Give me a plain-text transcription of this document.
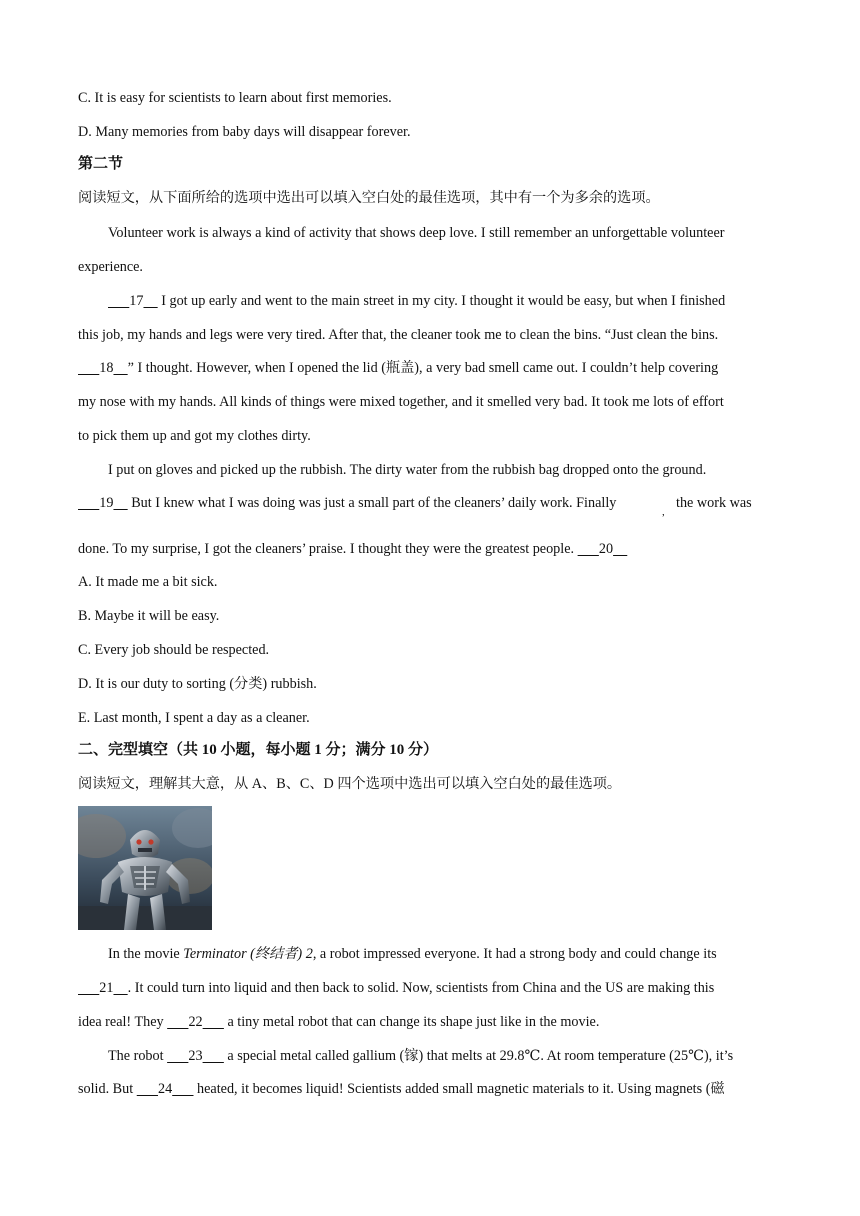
C. It is easy for scientists to learn about first memories.
D. Many memories from baby days will disappear forever.
第二节
阅读短文，从下面所给的选项中选出可以填入空白处的最佳选项，其中有一个为多余的选项。
Volunteer work is always a kind of activity that shows deep love. I still remember an unforgettable volunteer
experience.
   17   I got up early and went to the main street in my city. I thought it would be easy, but when I finished
this job, my hands and legs were very tired. After that, the cleaner took me to clean the bins. “Just clean the bins.
   18   ” I thought. However, when I opened the lid (瓶盖), a very bad smell came out. I couldn’t help covering
my nose with my hands. All kinds of things were mixed together, and it smelled very bad. It took me lots of effort
to pick them up and got my clothes dirty.
I put on gloves and picked up the rubbish. The dirty water from the rubbish bag dropped onto the ground.
   19   But I knew what I was doing was just a small part of the cleaners’ daily work. Finally	the work was
,
done. To my surprise, I got the cleaners’ praise. I thought they were the greatest people.    20  
A. It made me a bit sick.
B. Maybe it will be easy.
C. Every job should be respected.
D. It is our duty to sorting (分类) rubbish.
E. Last month, I spent a day as a cleaner.
二、完型填空（共 10 小题，每小题 1 分；满分 10 分）
阅读短文，理解其大意，从 A、B、C、D 四个选项中选出可以填入空白处的最佳选项。
In the movie Terminator (终结者) 2, a robot impressed everyone. It had a strong body and could change its
   21   . It could turn into liquid and then back to solid. Now, scientists from China and the US are making this
idea real! They    22    a tiny metal robot that can change its shape just like in the movie.
The robot    23    a special metal called gallium (镓) that melts at 29.8℃. At room temperature (25℃), it’s
solid. But    24    heated, it becomes liquid! Scientists added small magnetic materials to it. Using magnets (磁
